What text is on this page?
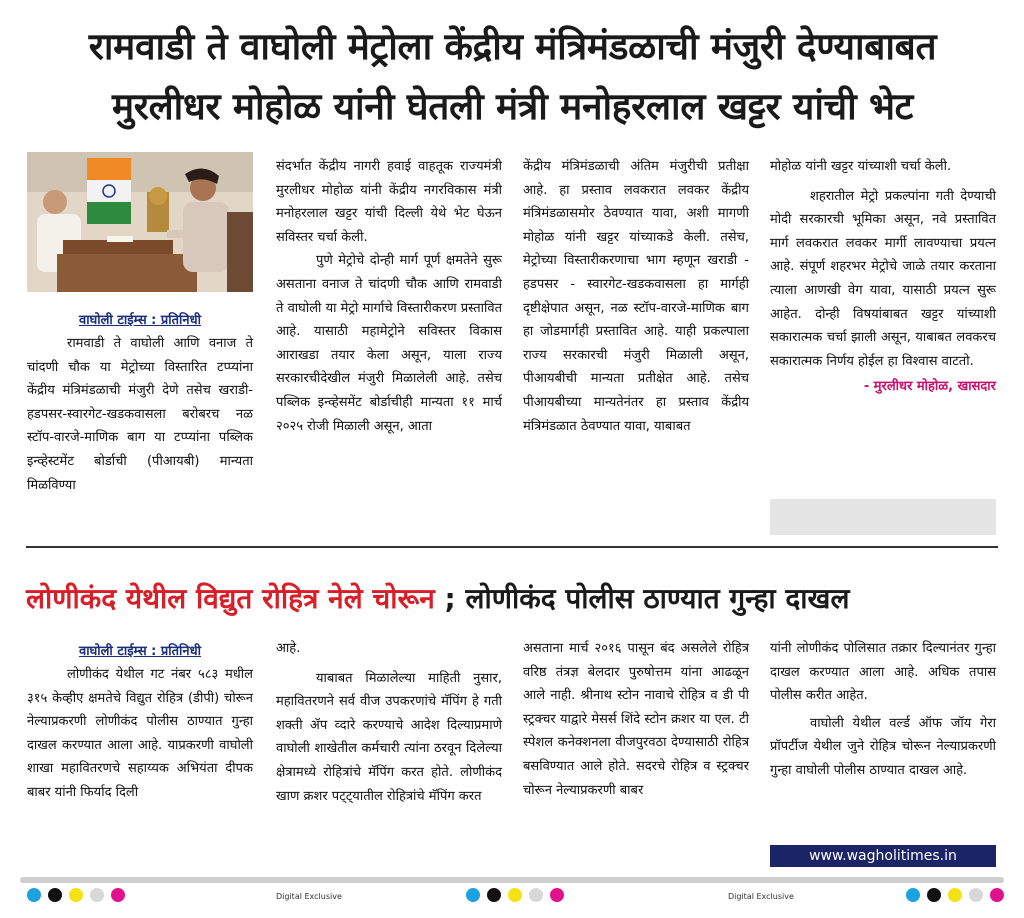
रामवाडी ते वाघोली मेट्रोला केंद्रीय मंत्रिमंडळाची मंजुरी देण्याबाबत
मुरलीधर मोहोळ यांनी घेतली मंत्री मनोहरलाल खट्टर यांची भेट
वाघोली टाईम्स : प्रतिनिधी

रामवाडी ते वाघोली आणि वनाज ते चांदणी चौक या मेट्रोच्या विस्तारित टप्प्यांना केंद्रीय मंत्रिमंडळाची मंजुरी देणे तसेच खराडी-हडपसर-स्वारगेट-खडकवासला बरोबरच नळ स्टॉप-वारजे-माणिक बाग या टप्प्यांना पब्लिक इन्व्हेस्टमेंट बोर्डाची (पीआयबी) मान्यता मिळविण्या

संदर्भात केंद्रीय नागरी हवाई वाहतूक राज्यमंत्री मुरलीधर मोहोळ यांनी केंद्रीय नगरविकास मंत्री मनोहरलाल खट्टर यांची दिल्ली येथे भेट घेऊन सविस्तर चर्चा केली.

पुणे मेट्रोचे दोन्ही मार्ग पूर्ण क्षमतेने सुरू असताना वनाज ते चांदणी चौक आणि रामवाडी ते वाघोली या मेट्रो मार्गाचे विस्तारीकरण प्रस्तावित आहे. यासाठी महामेट्रोने सविस्तर विकास आराखडा तयार केला असून, याला राज्य सरकारचीदेखील मंजुरी मिळालेली आहे. तसेच पब्लिक इन्व्हेसमेंट बोर्डाचीही मान्यता ११ मार्च २०२५ रोजी मिळाली असून, आता

केंद्रीय मंत्रिमंडळाची अंतिम मंजुरीची प्रतीक्षा आहे. हा प्रस्ताव लवकरात लवकर केंद्रीय मंत्रिमंडळासमोर ठेवण्यात यावा, अशी मागणी मोहोळ यांनी खट्टर यांच्याकडे केली. तसेच, मेट्रोच्या विस्तारीकरणाचा भाग म्हणून खराडी - हडपसर - स्वारगेट-खडकवासला हा मार्गही दृष्टीक्षेपात असून, नळ स्टॉप-वारजे-माणिक बाग हा जोडमार्गही प्रस्तावित आहे. याही प्रकल्पाला राज्य सरकारची मंजुरी मिळाली असून, पीआयबीची मान्यता प्रतीक्षेत आहे. तसेच पीआयबीच्या मान्यतेनंतर हा प्रस्ताव केंद्रीय मंत्रिमंडळात ठेवण्यात यावा, याबाबत

मोहोळ यांनी खट्टर यांच्याशी चर्चा केली.

शहरातील मेट्रो प्रकल्पांना गती देण्याची मोदी सरकारची भूमिका असून, नवे प्रस्तावित मार्ग लवकरात लवकर मार्गी लावण्याचा प्रयत्न आहे. संपूर्ण शहरभर मेट्रोचे जाळे तयार करताना त्याला आणखी वेग यावा, यासाठी प्रयत्न सुरू आहेत. दोन्ही विषयांबाबत खट्टर यांच्याशी सकारात्मक चर्चा झाली असून, याबाबत लवकरच सकारात्मक निर्णय होईल हा विश्वास वाटतो.

- मुरलीधर मोहोळ, खासदार
लोणीकंद येथील विद्युत रोहित्र नेले चोरून ; लोणीकंद पोलीस ठाण्यात गुन्हा दाखल
वाघोली टाईम्स : प्रतिनिधी

लोणीकंद येथील गट नंबर ५८३ मधील ३१५ केव्हीए क्षमतेचे विद्युत रोहित्र (डीपी) चोरून नेल्याप्रकरणी लोणीकंद पोलीस ठाण्यात गुन्हा दाखल करण्यात आला आहे. याप्रकरणी वाघोली शाखा महावितरणचे सहाय्यक अभियंता दीपक बाबर यांनी फिर्याद दिली

आहे.

याबाबत मिळालेल्या माहिती नुसार, महावितरणने सर्व वीज उपकरणांचे मॅपिंग हे गती शक्ती ॲप व्दारे करण्याचे आदेश दिल्याप्रमाणे वाघोली शाखेतील कर्मचारी त्यांना ठरवून दिलेल्या क्षेत्रामध्ये रोहित्रांचे मॅपिंग करत होते. लोणीकंद खाण क्रशर पट्ट्यातील रोहित्रांचे मॅपिंग करत

असताना मार्च २०१६ पासून बंद असलेले रोहित्र वरिष्ठ तंत्रज्ञ बेलदार पुरुषोत्तम यांना आढळून आले नाही. श्रीनाथ स्टोन नावाचे रोहित्र व डी पी स्ट्रक्चर याद्वारे मेसर्स शिंदे स्टोन क्रशर या एल. टी स्पेशल कनेक्शनला वीजपुरवठा देण्यासाठी रोहित्र बसविण्यात आले होते. सदरचे रोहित्र व स्ट्रक्चर चोरून नेल्याप्रकरणी बाबर

यांनी लोणीकंद पोलिसात तक्रार दिल्यानंतर गुन्हा दाखल करण्यात आला आहे. अधिक तपास पोलीस करीत आहेत.

वाघोली येथील वर्ल्ड ऑफ जॉय गेरा प्रॉपर्टीज येथील जुने रोहित्र चोरून नेल्याप्रकरणी गुन्हा वाघोली पोलीस ठाण्यात दाखल आहे.

www.wagholitimes.in
Digital Exclusive	Digital Exclusive
